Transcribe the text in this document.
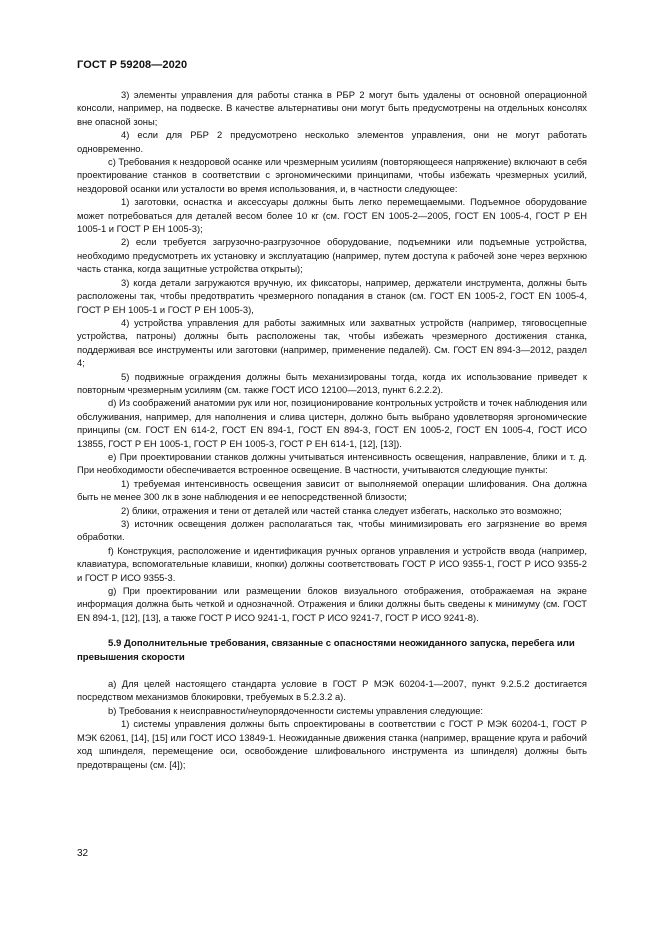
ГОСТ Р 59208—2020

3) элементы управления для работы станка в РБР 2 могут быть удалены от основной операционной консоли, например, на подвеске. В качестве альтернативы они могут быть предусмотрены на отдельных консолях вне опасной зоны;

4) если для РБР 2 предусмотрено несколько элементов управления, они не могут работать одновременно.

c) Требования к нездоровой осанке или чрезмерным усилиям (повторяющееся напряжение) включают в себя проектирование станков в соответствии с эргономическими принципами, чтобы избежать чрезмерных усилий, нездоровой осанки или усталости во время использования, и, в частности следующее:

1) заготовки, оснастка и аксессуары должны быть легко перемещаемыми. Подъемное оборудование может потребоваться для деталей весом более 10 кг (см. ГОСТ EN 1005-2—2005, ГОСТ EN 1005-4, ГОСТ Р ЕН 1005-1 и ГОСТ Р ЕН 1005-3);

2) если требуется загрузочно-разгрузочное оборудование, подъемники или подъемные устройства, необходимо предусмотреть их установку и эксплуатацию (например, путем доступа к рабочей зоне через верхнюю часть станка, когда защитные устройства открыты);

3) когда детали загружаются вручную, их фиксаторы, например, держатели инструмента, должны быть расположены так, чтобы предотвратить чрезмерного попадания в станок (см. ГОСТ EN 1005-2, ГОСТ EN 1005-4, ГОСТ Р ЕН 1005-1 и ГОСТ Р ЕН 1005-3),

4) устройства управления для работы зажимных или захватных устройств (например, тяговосцепные устройства, патроны) должны быть расположены так, чтобы избежать чрезмерного достижения станка, поддерживая все инструменты или заготовки (например, применение педалей). См. ГОСТ EN 894-3—2012, раздел 4;

5) подвижные ограждения должны быть механизированы тогда, когда их использование приведет к повторным чрезмерным усилиям (см. также ГОСТ ИСО 12100—2013, пункт 6.2.2.2).

d) Из соображений анатомии рук или ног, позиционирование контрольных устройств и точек наблюдения или обслуживания, например, для наполнения и слива цистерн, должно быть выбрано удовлетворяя эргономические принципы (см. ГОСТ EN 614-2, ГОСТ EN 894-1, ГОСТ EN 894-3, ГОСТ EN 1005-2, ГОСТ EN 1005-4, ГОСТ ИСО 13855, ГОСТ Р ЕН 1005-1, ГОСТ Р ЕН 1005-3, ГОСТ Р ЕН 614-1, [12], [13]).

e) При проектировании станков должны учитываться интенсивность освещения, направление, блики и т. д. При необходимости обеспечивается встроенное освещение. В частности, учитываются следующие пункты:

1) требуемая интенсивность освещения зависит от выполняемой операции шлифования. Она должна быть не менее 300 лк в зоне наблюдения и ее непосредственной близости;

2) блики, отражения и тени от деталей или частей станка следует избегать, насколько это возможно;

3) источник освещения должен располагаться так, чтобы минимизировать его загрязнение во время обработки.

f) Конструкция, расположение и идентификация ручных органов управления и устройств ввода (например, клавиатура, вспомогательные клавиши, кнопки) должны соответствовать ГОСТ Р ИСО 9355-1, ГОСТ Р ИСО 9355-2 и ГОСТ Р ИСО 9355-3.

g) При проектировании или размещении блоков визуального отображения, отображаемая на экране информация должна быть четкой и однозначной. Отражения и блики должны быть сведены к минимуму (см. ГОСТ EN 894-1, [12], [13], а также ГОСТ Р ИСО 9241-1, ГОСТ Р ИСО 9241-7, ГОСТ Р ИСО 9241-8).

5.9 Дополнительные требования, связанные с опасностями неожиданного запуска, перебега или превышения скорости

a) Для целей настоящего стандарта условие в ГОСТ Р МЭК 60204-1—2007, пункт 9.2.5.2 достигается посредством механизмов блокировки, требуемых в 5.2.3.2 а).

b) Требования к неисправности/неупорядоченности системы управления следующие:

1) системы управления должны быть спроектированы в соответствии с ГОСТ Р МЭК 60204-1, ГОСТ Р МЭК 62061, [14], [15] или ГОСТ ИСО 13849-1. Неожиданные движения станка (например, вращение круга и рабочий ход шпинделя, перемещение оси, освобождение шлифовального инструмента из шпинделя) должны быть предотвращены (см. [4]);

32
